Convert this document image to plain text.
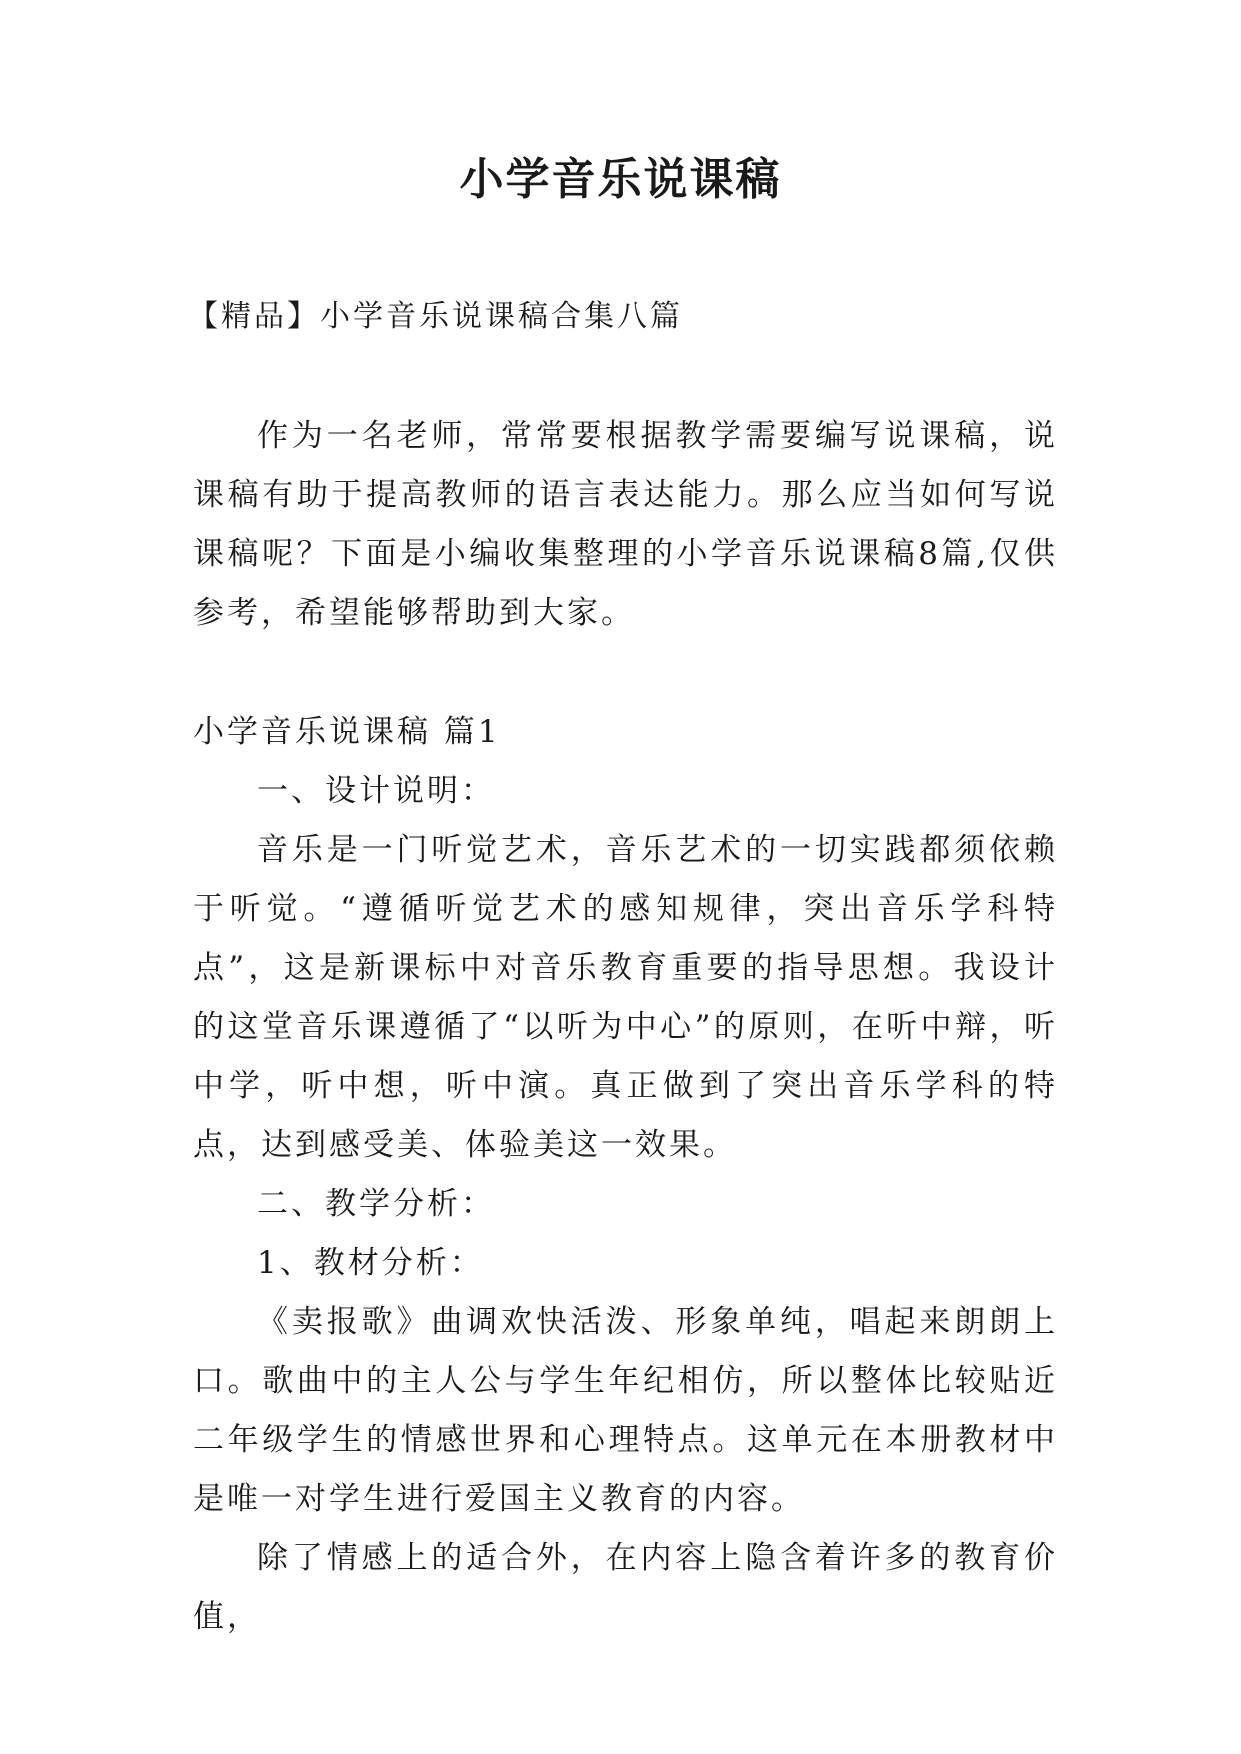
小学音乐说课稿
【精品】小学音乐说课稿合集八篇

作为一名老师，常常要根据教学需要编写说课稿，说课稿有助于提高教师的语言表达能力。那么应当如何写说课稿呢？下面是小编收集整理的小学音乐说课稿8篇,仅供参考，希望能够帮助到大家。

小学音乐说课稿 篇1

一、设计说明：

音乐是一门听觉艺术，音乐艺术的一切实践都须依赖于听觉。“遵循听觉艺术的感知规律，突出音乐学科特点”，这是新课标中对音乐教育重要的指导思想。我设计的这堂音乐课遵循了“以听为中心”的原则，在听中辩，听中学，听中想，听中演。真正做到了突出音乐学科的特点，达到感受美、体验美这一效果。

二、教学分析：

1、教材分析：

《卖报歌》曲调欢快活泼、形象单纯，唱起来朗朗上口。歌曲中的主人公与学生年纪相仿，所以整体比较贴近二年级学生的情感世界和心理特点。这单元在本册教材中是唯一对学生进行爱国主义教育的内容。

除了情感上的适合外，在内容上隐含着许多的教育价值，
